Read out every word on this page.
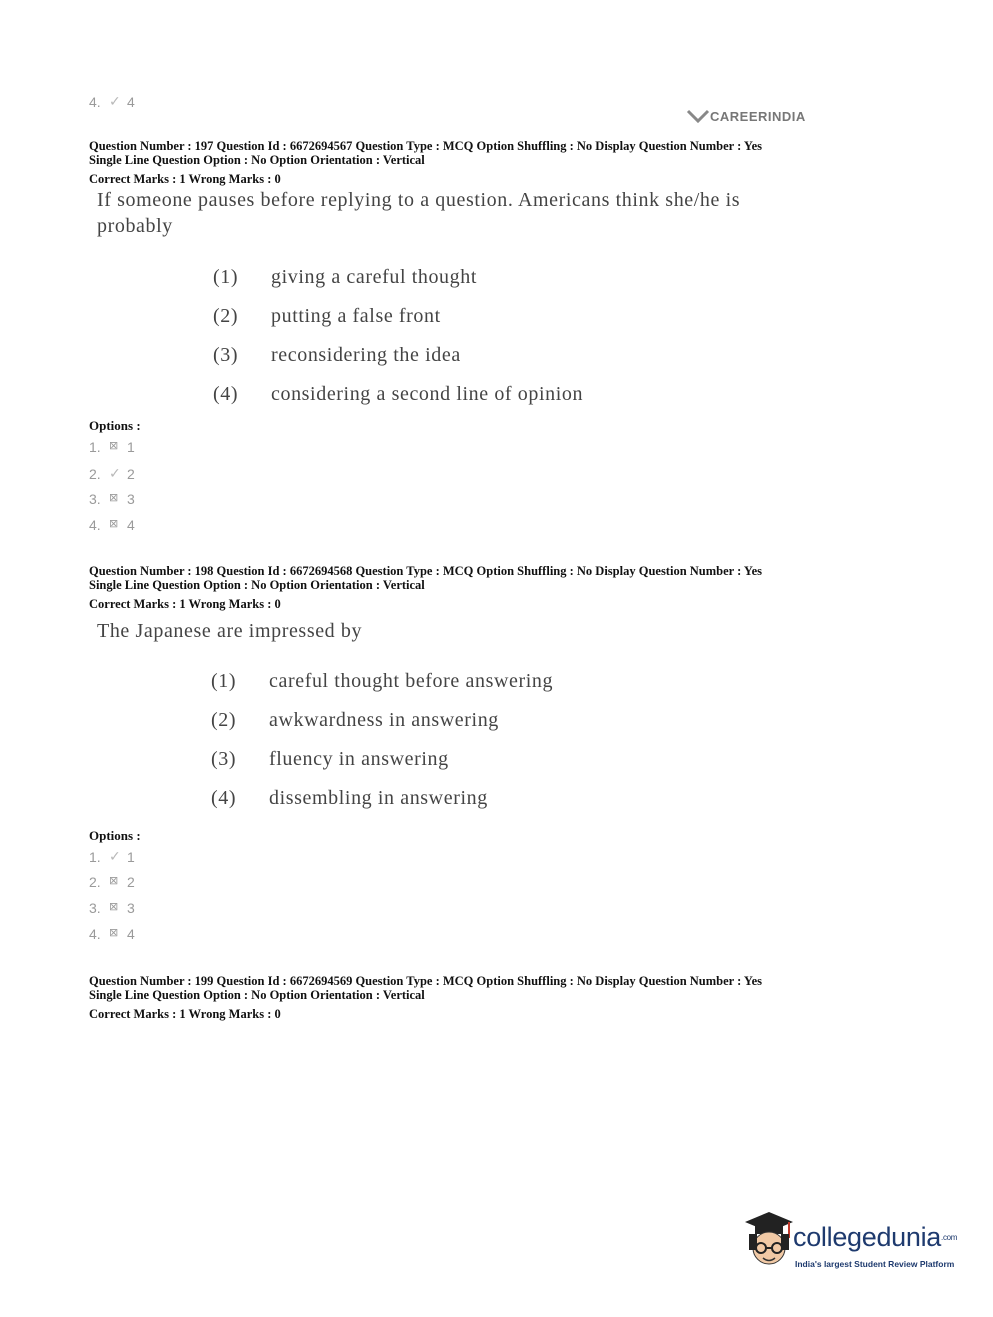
4. ✓ 4
CAREERINDIA
Question Number : 197 Question Id : 6672694567 Question Type : MCQ Option Shuffling : No Display Question Number : Yes
Single Line Question Option : No Option Orientation : Vertical
Correct Marks : 1 Wrong Marks : 0
If someone pauses before replying to a question. Americans think she/he is probably
(1) giving a careful thought
(2) putting a false front
(3) reconsidering the idea
(4) considering a second line of opinion
Options :
1. ⊠ 1
2. ✓ 2
3. ⊠ 3
4. ⊠ 4
Question Number : 198 Question Id : 6672694568 Question Type : MCQ Option Shuffling : No Display Question Number : Yes
Single Line Question Option : No Option Orientation : Vertical
Correct Marks : 1 Wrong Marks : 0
The Japanese are impressed by
(1) careful thought before answering
(2) awkwardness in answering
(3) fluency in answering
(4) dissembling in answering
Options :
1. ✓ 1
2. ⊠ 2
3. ⊠ 3
4. ⊠ 4
Question Number : 199 Question Id : 6672694569 Question Type : MCQ Option Shuffling : No Display Question Number : Yes
Single Line Question Option : No Option Orientation : Vertical
Correct Marks : 1 Wrong Marks : 0
collegedunia$^{.com}$
India's largest Student Review Platform
